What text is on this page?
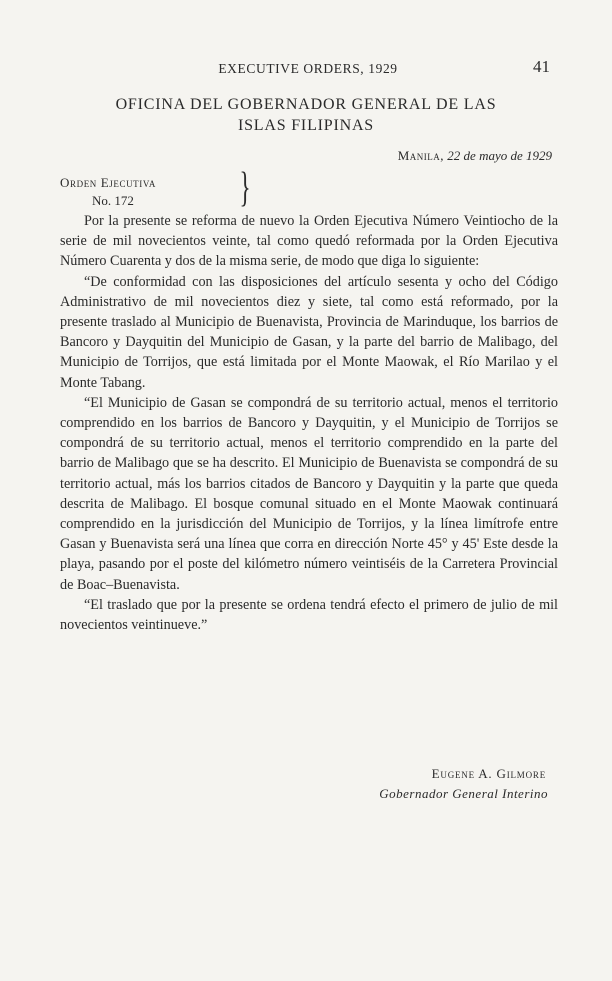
EXECUTIVE ORDERS, 1929	41
OFICINA DEL GOBERNADOR GENERAL DE LAS
ISLAS FILIPINAS
Manila, 22 de mayo de 1929
Orden Ejecutiva
No. 172	}

Por la presente se reforma de nuevo la Orden Ejecutiva Número Veintiocho de la serie de mil novecientos veinte, tal como quedó reformada por la Orden Ejecutiva Número Cuarenta y dos de la misma serie, de modo que diga lo siguiente:

“De conformidad con las disposiciones del artículo sesenta y ocho del Código Administrativo de mil novecientos diez y siete, tal como está reformado, por la presente traslado al Municipio de Buenavista, Provincia de Marinduque, los barrios de Bancoro y Dayquitin del Municipio de Gasan, y la parte del barrio de Malibago, del Municipio de Torrijos, que está limitada por el Monte Maowak, el Río Marilao y el Monte Tabang.

“El Municipio de Gasan se compondrá de su territorio actual, menos el territorio comprendido en los barrios de Bancoro y Dayquitin, y el Municipio de Torrijos se compondrá de su territorio actual, menos el territorio comprendido en la parte del barrio de Malibago que se ha descrito. El Municipio de Buenavista se compondrá de su territorio actual, más los barrios citados de Bancoro y Dayquitin y la parte que queda descrita de Malibago. El bosque comunal situado en el Monte Maowak continuará comprendido en la jurisdicción del Municipio de Torrijos, y la línea limítrofe entre Gasan y Buenavista será una línea que corra en dirección Norte 45° y 45' Este desde la playa, pasando por el poste del kilómetro número veintiséis de la Carretera Provincial de Boac–Buenavista.

“El traslado que por la presente se ordena tendrá efecto el primero de julio de mil novecientos veintinueve.”

Eugene A. Gilmore
Gobernador General Interino
